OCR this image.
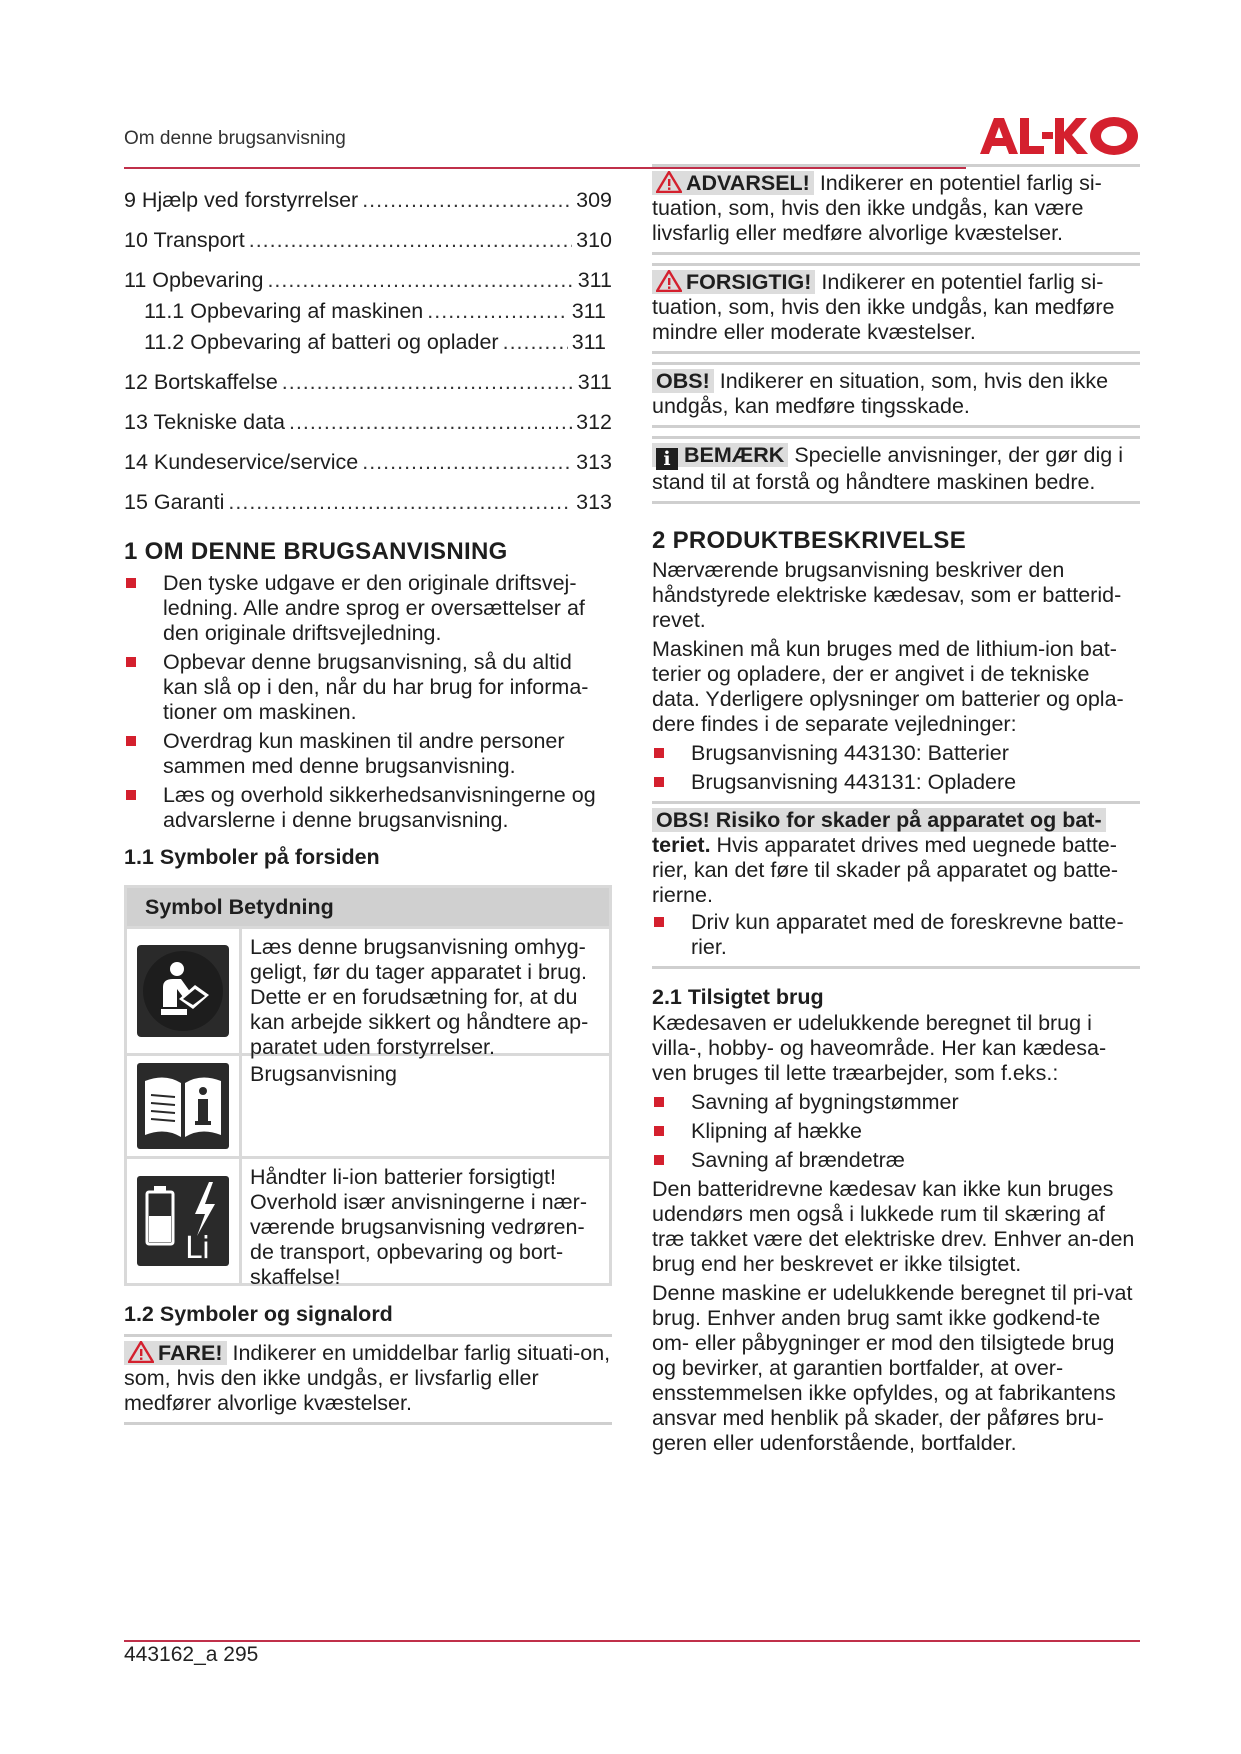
Om denne brugsanvisning
9 Hjælp ved forstyrrelser .....	309
10 Transport .....	310
11 Opbevaring .....	311
11.1 Opbevaring af maskinen .....	311
11.2 Opbevaring af batteri og oplader .....	311
12 Bortskaffelse .....	311
13 Tekniske data .....	312
14 Kundeservice/service .....	313
15 Garanti .....	313
1 OM DENNE BRUGSANVISNING
Den tyske udgave er den originale driftsvej-ledning. Alle andre sprog er oversættelser af den originale driftsvejledning.
Opbevar denne brugsanvisning, så du altid kan slå op i den, når du har brug for informa-tioner om maskinen.
Overdrag kun maskinen til andre personer sammen med denne brugsanvisning.
Læs og overhold sikkerhedsanvisningerne og advarslerne i denne brugsanvisning.
1.1 Symboler på forsiden
Symbol Betydning
Læs denne brugsanvisning omhyg-geligt, før du tager apparatet i brug. Dette er en forudsætning for, at du kan arbejde sikkert og håndtere ap-paratet uden forstyrrelser.
Brugsanvisning
Li
Håndter li-ion batterier forsigtigt! Overhold især anvisningerne i nær-værende brugsanvisning vedrøren-de transport, opbevaring og bort-skaffelse!
1.2 Symboler og signalord
FARE! Indikerer en umiddelbar farlig situati-on, som, hvis den ikke undgås, er livsfarlig eller medfører alvorlige kvæstelser.
ADVARSEL! Indikerer en potentiel farlig si-tuation, som, hvis den ikke undgås, kan være livsfarlig eller medføre alvorlige kvæstelser.
FORSIGTIG! Indikerer en potentiel farlig si-tuation, som, hvis den ikke undgås, kan medføre mindre eller moderate kvæstelser.
OBS! Indikerer en situation, som, hvis den ikke undgås, kan medføre tingsskade.
i BEMÆRK Specielle anvisninger, der gør dig i stand til at forstå og håndtere maskinen bedre.
2 PRODUKTBESKRIVELSE
Nærværende brugsanvisning beskriver den håndstyrede elektriske kædesav, som er batterid-revet.
Maskinen må kun bruges med de lithium-ion bat-terier og opladere, der er angivet i de tekniske data. Yderligere oplysninger om batterier og opla-dere findes i de separate vejledninger:
Brugsanvisning 443130: Batterier
Brugsanvisning 443131: Opladere
OBS! Risiko for skader på apparatet og bat-
teriet. Hvis apparatet drives med uegnede batte-rier, kan det føre til skader på apparatet og batte-rierne.
Driv kun apparatet med de foreskrevne batte-rier.
2.1 Tilsigtet brug
Kædesaven er udelukkende beregnet til brug i villa-, hobby- og haveområde. Her kan kædesa-ven bruges til lette træarbejder, som f.eks.:
Savning af bygningstømmer
Klipning af hække
Savning af brændetræ
Den batteridrevne kædesav kan ikke kun bruges udendørs men også i lukkede rum til skæring af træ takket være det elektriske drev. Enhver an-den brug end her beskrevet er ikke tilsigtet.
Denne maskine er udelukkende beregnet til pri-vat brug. Enhver anden brug samt ikke godkend-te om- eller påbygninger er mod den tilsigtede brug og bevirker, at garantien bortfalder, at over-ensstemmelsen ikke opfyldes, og at fabrikantens ansvar med henblik på skader, der påføres bru-geren eller udenforstående, bortfalder.
443162_a 295
